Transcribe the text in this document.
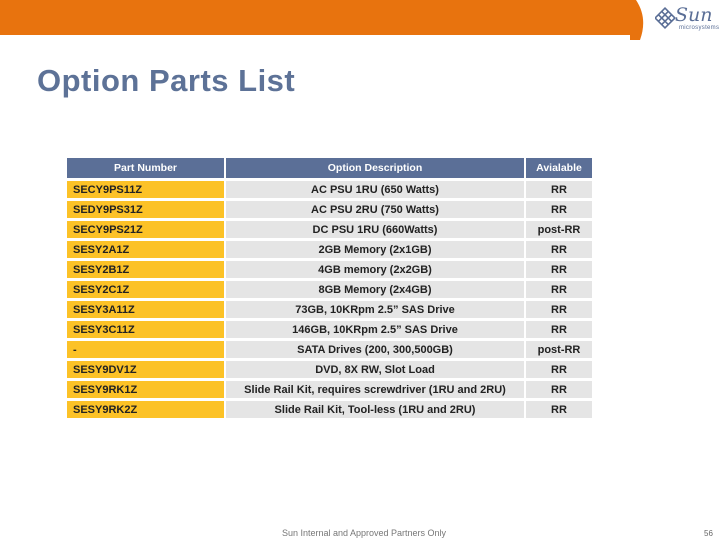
Sun
microsystems
Option Parts List
Part Number	Option Description	Avialable
SECY9PS11Z	AC PSU 1RU (650 Watts)	RR
SEDY9PS31Z	AC PSU 2RU (750 Watts)	RR
SECY9PS21Z	DC PSU 1RU (660Watts)	post-RR
SESY2A1Z	2GB Memory (2x1GB)	RR
SESY2B1Z	4GB memory (2x2GB)	RR
SESY2C1Z	8GB Memory (2x4GB)	RR
SESY3A11Z	73GB, 10KRpm 2.5” SAS Drive	RR
SESY3C11Z	146GB, 10KRpm 2.5” SAS Drive	RR
-	SATA Drives (200, 300,500GB)	post-RR
SESY9DV1Z	DVD, 8X RW, Slot Load	RR
SESY9RK1Z	Slide Rail Kit, requires screwdriver (1RU and 2RU)	RR
SESY9RK2Z	Slide Rail Kit, Tool-less (1RU and 2RU)	RR
Sun Internal and Approved Partners Only	56
